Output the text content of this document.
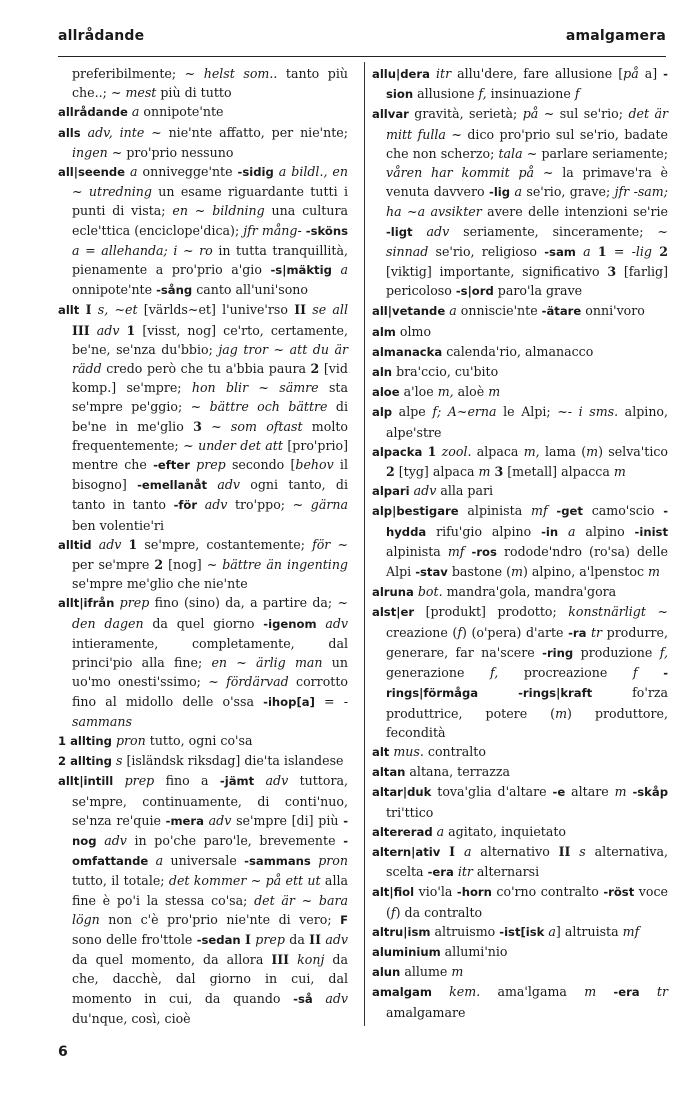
allrådande	amalgamera

preferibilmente; ~ helst som.. tanto più che..; ~ mest più di tutto

allrådande a onnipote'nte

alls adv, inte ~ nie'nte affatto, per nie'nte; ingen ~ pro'prio nessuno

all|seende a onnivegge'nte -sidig a bildl., en ~ utredning un esame riguardante tutti i punti di vista; en ~ bildning una cultura ecle'ttica (enciclope'dica); jfr mång- -sköns a = allehanda; i ~ ro in tutta tranquillità, pienamente a pro'prio a'gio -s|mäktig a onnipote'nte -sång canto all'uni'sono

allt I s, ~et [världs~et] l'unive'rso II se all III adv 1 [visst, nog] ce'rto, certamente, be'ne, se'nza du'bbio; jag tror ~ att du är rädd credo però che tu a'bbia paura 2 [vid komp.] se'mpre; hon blir ~ sämre sta se'mpre pe'ggio; ~ bättre och bättre di be'ne in me'glio 3 ~ som oftast molto frequentemente; ~ under det att [pro'prio] mentre che -efter prep secondo [behov il bisogno] -emellanåt adv ogni tanto, di tanto in tanto -för adv tro'ppo; ~ gärna ben volentie'ri

alltid adv 1 se'mpre, costantemente; för ~ per se'mpre 2 [nog] ~ bättre än ingenting se'mpre me'glio che nie'nte

allt|ifrån prep fino (sino) da, a partire da; ~ den dagen da quel giorno -igenom adv intieramente, completamente, dal princi'pio alla fine; en ~ ärlig man un uo'mo onesti'ssimo; ~ fördärvad corrotto fino al midollo delle o'ssa -ihop[a] = -sammans

1 allting pron tutto, ogni co'sa

2 allting s [isländsk riksdag] die'ta islandese

allt|intill prep fino a -jämt adv tuttora, se'mpre, continuamente, di conti'nuo, se'nza re'quie -mera adv se'mpre [di] più -nog adv in po'che paro'le, brevemente -omfattande a universale -sammans pron tutto, il totale; det kommer ~ på ett ut alla fine è po'i la stessa co'sa; det är ~ bara lögn non c'è pro'prio nie'nte di vero; F sono delle fro'ttole -sedan I prep da II adv da quel momento, da allora III konj da che, dacchè, dal giorno in cui, dal momento in cui, da quando -så adv du'nque, così, cioè

allu|dera itr allu'dere, fare allusione [på a] -sion allusione f, insinuazione f

allvar gravità, serietà; på ~ sul se'rio; det är mitt fulla ~ dico pro'prio sul se'rio, badate che non scherzo; tala ~ parlare seriamente; våren har kommit på ~ la primave'ra è venuta davvero -lig a se'rio, grave; jfr -sam; ha ~a avsikter avere delle intenzioni se'rie -ligt adv seriamente, sinceramente; ~ sinnad se'rio, religioso -sam a 1 = -lig 2 [viktig] importante, significativo 3 [farlig] pericoloso -s|ord paro'la grave

all|vetande a onnisciе'nte -ätare onni'voro

alm olmo

almanacka calenda'rio, almanacco

aln bra'ccio, cu'bito

aloe a'loe m, aloè m

alp alpe f; A~erna le Alpi; ~- i sms. alpino, alpe'stre

alpacka 1 zool. alpaca m, lama (m) selva'tico 2 [tyg] alpaca m 3 [metall] alpacca m

alpari adv alla pari

alp|bestigare alpinista mf -get camo'scio -hydda rifu'gio alpino -in a alpino -inist alpinista mf -ros rodode'ndro (ro'sa) delle Alpi -stav bastone (m) alpino, a'lpenstoc m

alruna bot. mandra'gola, mandra'gora

alst|er [produkt] prodotto; konstnärligt ~ creazione (f) (o'pera) d'arte -ra tr produrre, generare, far na'scere -ring produzione f, generazione f, procreazione f -rings|förmåga	-rings|kraft fo'rza produttrice, potere (m) produttore, fecondità

alt mus. contralto

altan altana, terrazza

altar|duk tova'glia d'altare -e altare m -skåp tri'ttico

altererad a agitato, inquietato

altern|ativ I a alternativo II s alternativa, scelta -era itr alternarsi

alt|fiol vio'la -horn co'rno contralto -röst voce (f) da contralto

altru|ism altruismo -ist[isk a] altruista mf

aluminium allumi'nio

alun allume m

amalgam kem. ama'lgama m -era tr amalgamare

6
